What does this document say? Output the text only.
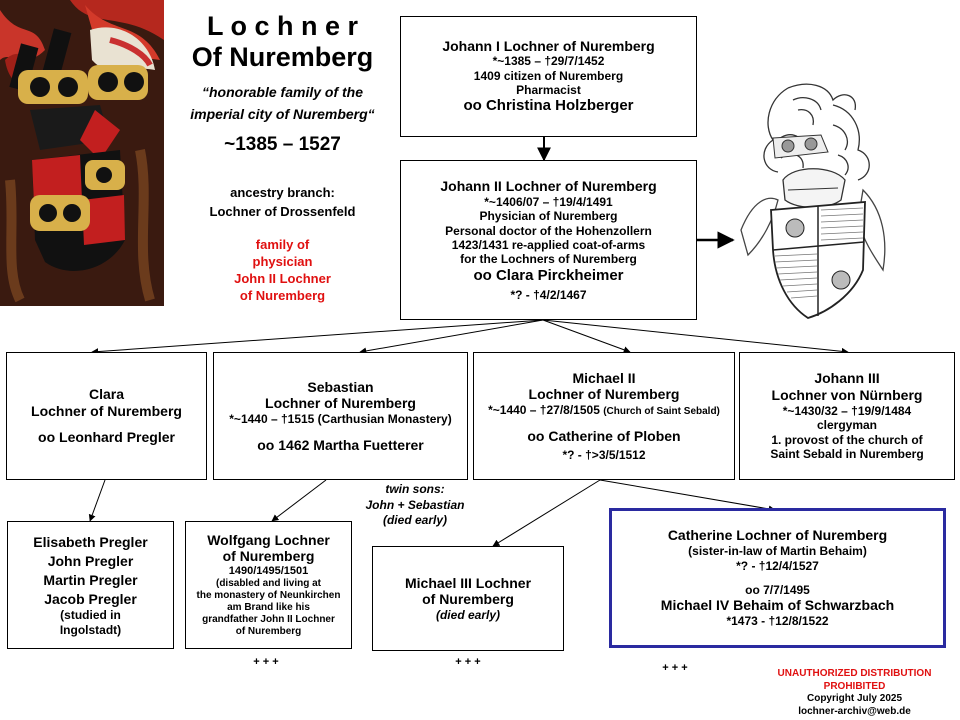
L o c h n e r
Of Nuremberg
“honorable family of the
imperial city of Nuremberg“
~1385 – 1527
ancestry branch:
Lochner of Drossenfeld
family of
physician
John II Lochner
of Nuremberg
Johann I Lochner of Nuremberg
*~1385 – †29/7/1452
1409 citizen of Nuremberg
Pharmacist
oo Christina Holzberger
Johann II Lochner of Nuremberg
*~1406/07 – †19/4/1491
Physician of Nuremberg
Personal doctor of the Hohenzollern
1423/1431 re-applied coat-of-arms
for the Lochners of Nuremberg
oo Clara Pirckheimer
*? - †4/2/1467
Clara
Lochner of Nuremberg
oo Leonhard Pregler
Sebastian
Lochner of Nuremberg
*~1440 – †1515 (Carthusian Monastery)
oo 1462 Martha Fuetterer
Michael II
Lochner of Nuremberg
*~1440 – †27/8/1505 (Church of Saint Sebald)
oo Catherine of Ploben
*? - †>3/5/1512
Johann III
Lochner von Nürnberg
*~1430/32 – †19/9/1484
clergyman
1. provost of the church of
Saint Sebald in Nuremberg
Elisabeth Pregler
John Pregler
Martin Pregler
Jacob Pregler
(studied in
Ingolstadt)
Wolfgang Lochner
of Nuremberg
1490/1495/1501
(disabled and living at
the monastery of Neunkirchen
am Brand like his
grandfather John II Lochner
of Nuremberg
twin sons:
John + Sebastian
(died early)
Michael III Lochner
of Nuremberg
(died early)
Catherine Lochner of Nuremberg
(sister-in-law of Martin Behaim)
*? - †12/4/1527
oo 7/7/1495
Michael IV Behaim of Schwarzbach
*1473 - †12/8/1522
+ + +	+ + +	+ + +	UNAUTHORIZED DISTRIBUTION
PROHIBITED
Copyright July 2025
lochner-archiv@web.de
